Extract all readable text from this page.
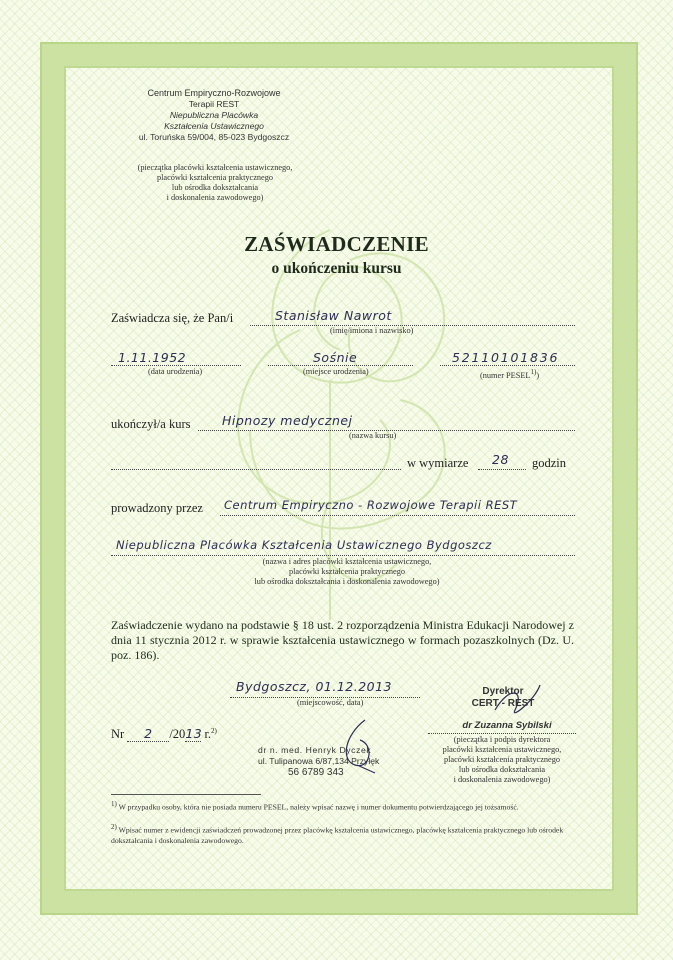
Centrum Empiryczno-Rozwojowe
Terapii REST
Niepubliczna Placówka
Kształcenia Ustawicznego
ul. Toruńska 59/004, 85-023 Bydgoszcz
(pieczątka placówki kształcenia ustawicznego,
placówki kształcenia praktycznego
lub ośrodka dokształcania
i doskonalenia zawodowego)
ZAŚWIADCZENIE
o ukończeniu kursu
Zaświadcza się, że Pan/i	Stanisław Nawrot
(imię/imiona i nazwisko)
1.11.1952
(data urodzenia)
Sośnie
(miejsce urodzenia)
52110101836
(numer PESEL$^{1)}$)
ukończył/a kurs	Hipnozy medycznej
(nazwa kursu)
w wymiarze 28 godzin
prowadzony przez Centrum Empiryczno - Rozwojowe Terapii REST
Niepubliczna Placówka Kształcenia Ustawicznego Bydgoszcz
(nazwa i adres placówki kształcenia ustawicznego,
placówki kształcenia praktycznego
lub ośrodka dokształcania i doskonalenia zawodowego)
Zaświadczenie wydano na podstawie § 18 ust. 2 rozporządzenia Ministra Edukacji Narodowej z dnia 11 stycznia 2012 r. w sprawie kształcenia ustawicznego w formach pozaszkolnych (Dz. U. poz. 186).
Bydgoszcz, 01.12.2013
(miejscowość, data)
Nr 2 /2013 r.$^{2)}$
dr n. med. Henryk Dyczek
ul. Tulipanowa 6/87,134 Przyłęk
56 6789 343
Dyrektor
CERT - REST
dr Zuzanna Sybilski
(pieczątka i podpis dyrektora
placówki kształcenia ustawicznego,
placówki kształcenia praktycznego
lub ośrodka dokształcania
i doskonalenia zawodowego)
1) W przypadku osoby, która nie posiada numeru PESEL, należy wpisać nazwę i numer dokumentu potwierdzającego jej tożsamość.
2) Wpisać numer z ewidencji zaświadczeń prowadzonej przez placówkę kształcenia ustawicznego, placówkę kształcenia praktycznego lub ośrodek dokształcania i doskonalenia zawodowego.
